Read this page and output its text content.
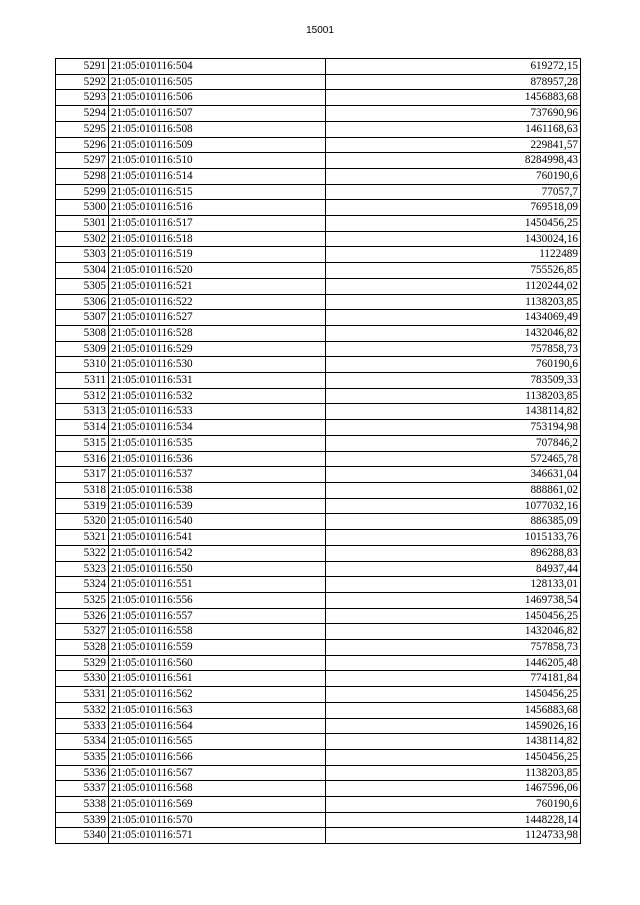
15001
5291	21:05:010116:504	619272,15
5292	21:05:010116:505	878957,28
5293	21:05:010116:506	1456883,68
5294	21:05:010116:507	737690,96
5295	21:05:010116:508	1461168,63
5296	21:05:010116:509	229841,57
5297	21:05:010116:510	8284998,43
5298	21:05:010116:514	760190,6
5299	21:05:010116:515	77057,7
5300	21:05:010116:516	769518,09
5301	21:05:010116:517	1450456,25
5302	21:05:010116:518	1430024,16
5303	21:05:010116:519	1122489
5304	21:05:010116:520	755526,85
5305	21:05:010116:521	1120244,02
5306	21:05:010116:522	1138203,85
5307	21:05:010116:527	1434069,49
5308	21:05:010116:528	1432046,82
5309	21:05:010116:529	757858,73
5310	21:05:010116:530	760190,6
5311	21:05:010116:531	783509,33
5312	21:05:010116:532	1138203,85
5313	21:05:010116:533	1438114,82
5314	21:05:010116:534	753194,98
5315	21:05:010116:535	707846,2
5316	21:05:010116:536	572465,78
5317	21:05:010116:537	346631,04
5318	21:05:010116:538	888861,02
5319	21:05:010116:539	1077032,16
5320	21:05:010116:540	886385,09
5321	21:05:010116:541	1015133,76
5322	21:05:010116:542	896288,83
5323	21:05:010116:550	84937,44
5324	21:05:010116:551	128133,01
5325	21:05:010116:556	1469738,54
5326	21:05:010116:557	1450456,25
5327	21:05:010116:558	1432046,82
5328	21:05:010116:559	757858,73
5329	21:05:010116:560	1446205,48
5330	21:05:010116:561	774181,84
5331	21:05:010116:562	1450456,25
5332	21:05:010116:563	1456883,68
5333	21:05:010116:564	1459026,16
5334	21:05:010116:565	1438114,82
5335	21:05:010116:566	1450456,25
5336	21:05:010116:567	1138203,85
5337	21:05:010116:568	1467596,06
5338	21:05:010116:569	760190,6
5339	21:05:010116:570	1448228,14
5340	21:05:010116:571	1124733,98
